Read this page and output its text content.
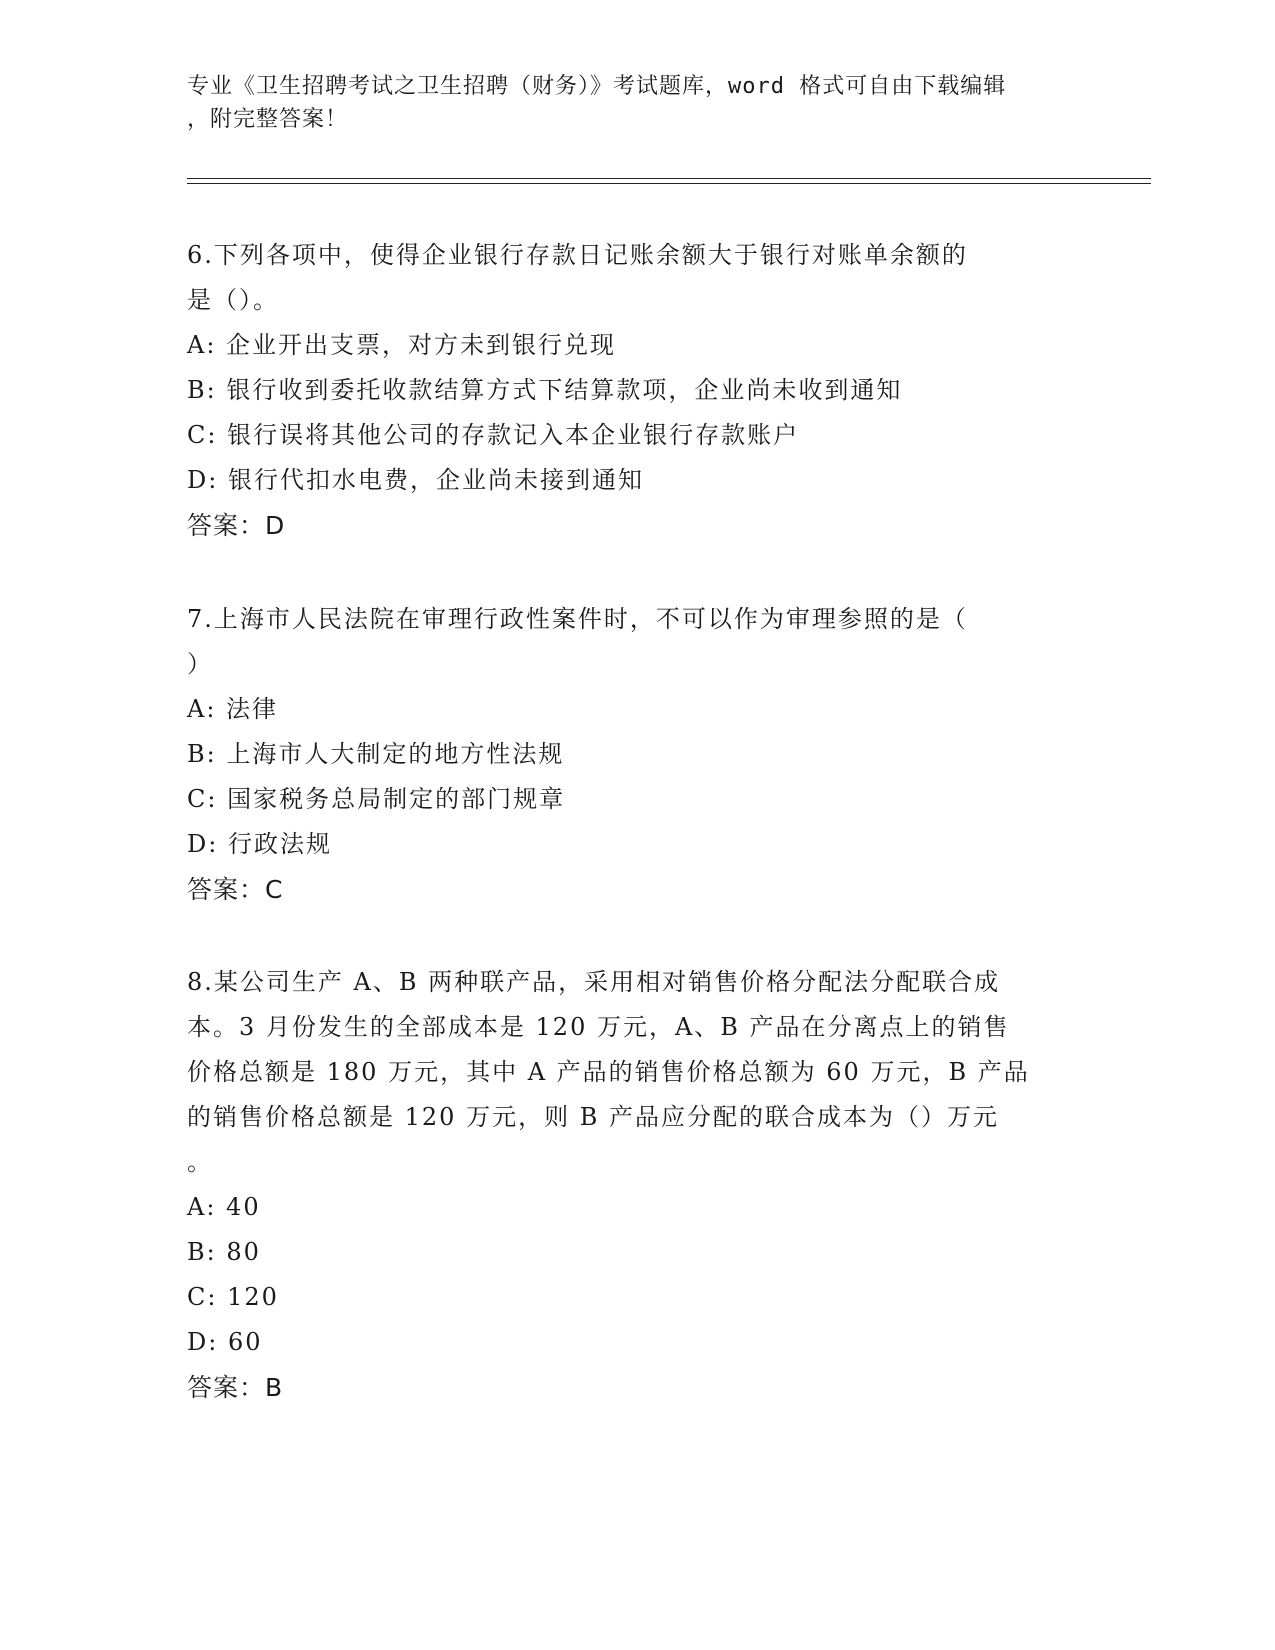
专业《卫生招聘考试之卫生招聘（财务）》考试题库，word 格式可自由下载编辑
，附完整答案！
6.下列各项中，使得企业银行存款日记账余额大于银行对账单余额的
是（）。
A: 企业开出支票，对方未到银行兑现
B: 银行收到委托收款结算方式下结算款项，企业尚未收到通知
C: 银行误将其他公司的存款记入本企业银行存款账户
D: 银行代扣水电费，企业尚未接到通知
答案：D
7.上海市人民法院在审理行政性案件时，不可以作为审理参照的是（
）
A: 法律
B: 上海市人大制定的地方性法规
C: 国家税务总局制定的部门规章
D: 行政法规
答案：C
8.某公司生产 A、B 两种联产品，采用相对销售价格分配法分配联合成
本。3 月份发生的全部成本是 120 万元，A、B 产品在分离点上的销售
价格总额是 180 万元，其中 A 产品的销售价格总额为 60 万元，B 产品
的销售价格总额是 120 万元，则 B 产品应分配的联合成本为（）万元
。
A: 40
B: 80
C: 120
D: 60
答案：B
